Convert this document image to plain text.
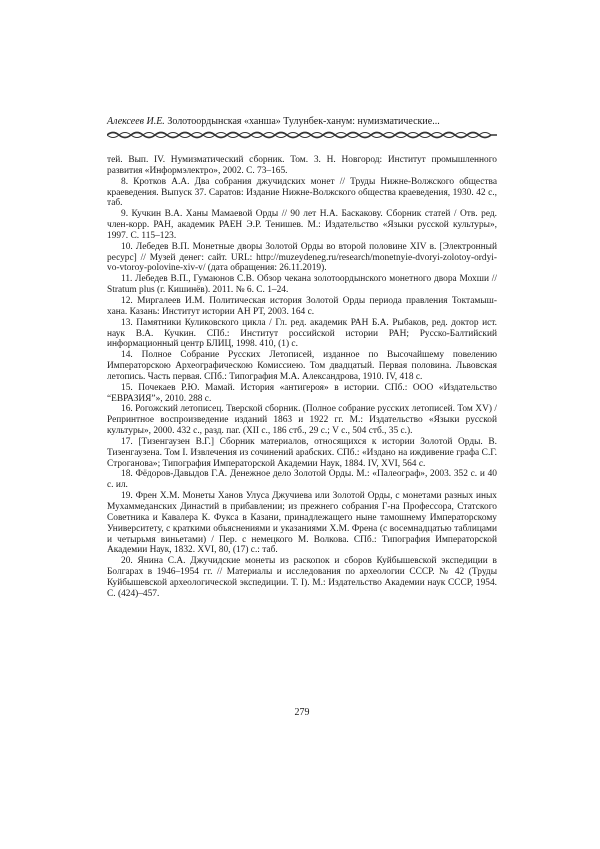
Алексеев И.Е. Золотоордынская «ханша» Тулунбек-ханум: нумизматические...

тей. Вып. IV. Нумизматический сборник. Том. 3. Н. Новгород: Институт промышленного развития «Информэлектро», 2002. С. 73–165.

8. Кротков А.А. Два собрания джучидских монет // Труды Нижне-Волжского общества краеведения. Выпуск 37. Саратов: Издание Нижне-Волжского общества краеведения, 1930. 42 с., таб.

9. Кучкин В.А. Ханы Мамаевой Орды // 90 лет Н.А. Баскакову. Сборник статей / Отв. ред. член-корр. РАН, академик РАЕН Э.Р. Тенишев. М.: Издательство «Языки русской культуры», 1997. С. 115–123.

10. Лебедев В.П. Монетные дворы Золотой Орды во второй половине XIV в. [Электронный ресурс] // Музей денег: сайт. URL: http://muzeydeneg.ru/research/monetnyie-dvoryi-zolotoy-ordyi-vo-vtoroy-polovine-xiv-v/ (дата обращения: 26.11.2019).

11. Лебедев В.П., Гумаюнов С.В. Обзор чекана золотоордынского монетного двора Мохши // Stratum plus (г. Кишинёв). 2011. № 6. С. 1–24.

12. Миргалеев И.М. Политическая история Золотой Орды периода правления Токтамыш-хана. Казань: Институт истории АН РТ, 2003. 164 с.

13. Памятники Куликовского цикла / Гл. ред. академик РАН Б.А. Рыбаков, ред. доктор ист. наук В.А. Кучкин. СПб.: Институт российской истории РАН; Русско-Балтийский информационный центр БЛИЦ, 1998. 410, (1) с.

14. Полное Собрание Русских Летописей, изданное по Высочайшему повелению Императорскою Археографическою Комиссиею. Том двадцатый. Первая половина. Львовская летопись. Часть первая. СПб.: Типография М.А. Александрова, 1910. IV, 418 с.

15. Почекаев Р.Ю. Мамай. История «антигероя» в истории. СПб.: ООО «Издательство “ЕВРАЗИЯ”», 2010. 288 с.

16. Рогожский летописец. Тверской сборник. (Полное собрание русских летописей. Том XV) / Репринтное воспроизведение изданий 1863 и 1922 гг. М.: Издательство «Языки русской культуры», 2000. 432 с., разд. паг. (XII с., 186 стб., 29 с.; V с., 504 стб., 35 с.).

17. [Тизенгаузен В.Г.] Сборник материалов, относящихся к истории Золотой Орды. В. Тизенгаузена. Том I. Извлечения из сочинений арабских. СПб.: «Издано на иждивение графа С.Г. Строганова»; Типография Императорской Академии Наук, 1884. IV, XVI, 564 с.

18. Фёдоров-Давыдов Г.А. Денежное дело Золотой Орды. М.: «Палеограф», 2003. 352 с. и 40 с. ил.

19. Френ Х.М. Монеты Ханов Улуса Джучиева или Золотой Орды, с монетами разных иных Мухаммеданских Династий в прибавлении; из прежнего собрания Г-на Профессора, Статского Советника и Кавалера К. Фукса в Казани, принадлежащего ныне тамошнему Императорскому Университету, с краткими объяснениями и указаниями Х.М. Френа (с восемнадцатью таблицами и четырьмя виньетами) / Пер. с немецкого М. Волкова. СПб.: Типография Императорской Академии Наук, 1832. XVI, 80, (17) с.: таб.

20. Янина С.А. Джучидские монеты из раскопок и сборов Куйбышевской экспедиции в Болгарах в 1946–1954 гг. // Материалы и исследования по археологии СССР. № 42 (Труды Куйбышевской археологической экспедиции. Т. I). М.: Издательство Академии наук СССР, 1954. С. (424)–457.

279
